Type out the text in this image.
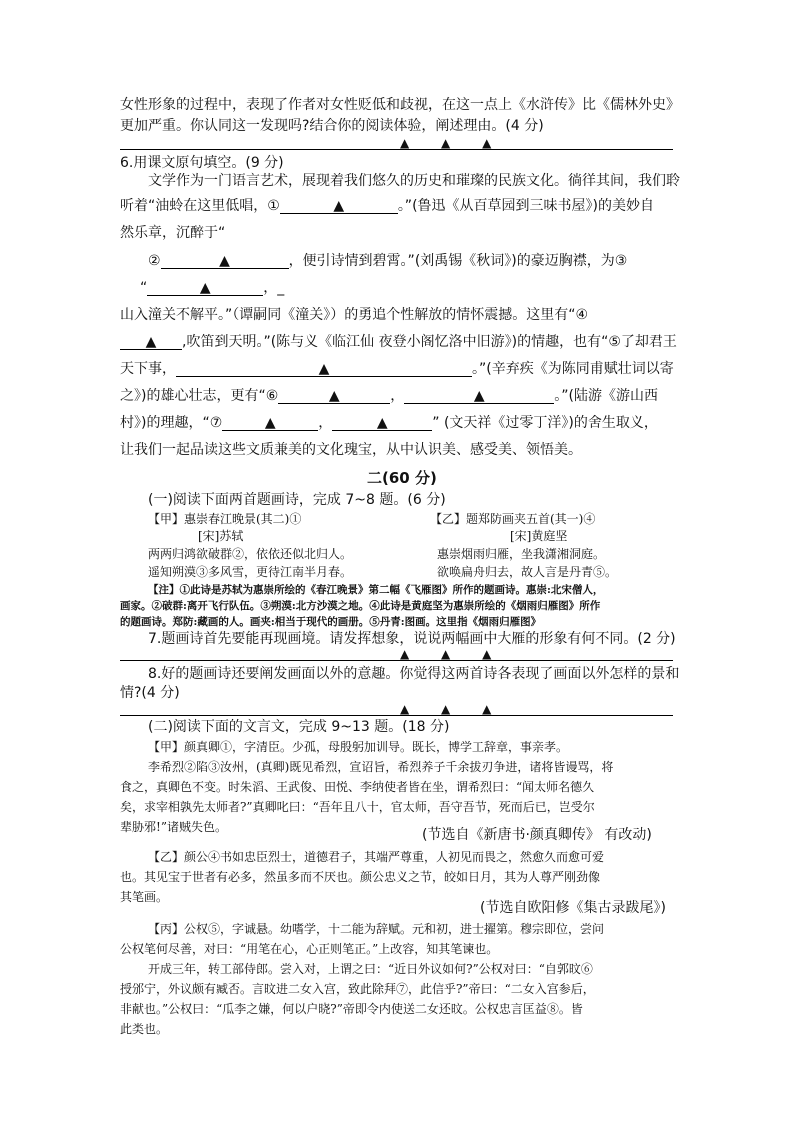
女性形象的过程中，表现了作者对女性贬低和歧视，在这一点上《水浒传》比《儒林外史》
更加严重。你认同这一发现吗?结合你的阅读体验，阐述理由。(4 分)
▲ ▲ ▲
6.用课文原句填空。(9 分)
文学作为一门语言艺术，展现着我们悠久的历史和璀璨的民族文化。徜徉其间，我们聆
听着“油蛉在这里低唱，①	▲	。”(鲁迅《从百草园到三味书屋》)的美妙自
然乐章，沉醉于“
②	▲	，便引诗情到碧霄。”(刘禹锡《秋词》)的豪迈胸襟，为③
“	▲	，_
山入潼关不解平。”（谭嗣同《潼关》）的勇追个性解放的情怀震撼。这里有“④
▲ ,吹笛到天明。”(陈与义《临江仙 夜登小阁忆洛中旧游》)的情趣，也有“⑤了却君王
天下事，	▲	。”(辛弃疾《为陈同甫赋壮词以寄
之》)的雄心壮志，更有“⑥	▲	，	▲	。”(陆游《游山西
村》)的理趣，“⑦	▲	，	▲	” (文天祥《过零丁洋》)的舍生取义，
让我们一起品读这些文质兼美的文化瑰宝，从中认识美、感受美、领悟美。
二(60 分)
(一)阅读下面两首题画诗，完成 7~8 题。(6 分)
【甲】惠崇春江晚景(其二)①
[宋]苏轼
两两归鸿欲破群②，依依还似北归人。
遥知朔漠③多风雪，更待江南半月春。
【乙】题郑防画夹五首(其一)④
[宋]黄庭坚
惠崇烟雨归雁，坐我潇湘洞庭。
欲唤扁舟归去，故人言是丹青⑤。
【注】①此诗是苏轼为惠崇所绘的《春江晚景》第二幅《飞雁图》所作的题画诗。惠崇:北宋僧人，
画家。②破群:离开飞行队伍。③朔漠:北方沙漠之地。④此诗是黄庭坚为惠崇所绘的《烟雨归雁图》所作
的题画诗。郑防:藏画的人。画夹:相当于现代的画册。⑤丹青:图画。这里指《烟雨归雁图》
7.题画诗首先要能再现画境。请发挥想象，说说两幅画中大雁的形象有何不同。(2 分)
▲ ▲ ▲
8.好的题画诗还要阐发画面以外的意趣。你觉得这两首诗各表现了画面以外怎样的景和
情?(4 分)
▲ ▲ ▲
(二)阅读下面的文言文，完成 9~13 题。(18 分)
【甲】颜真卿①，字清臣。少孤，母殷躬加训导。既长，博学工辞章，事亲孝。
李希烈②陷③汝州，(真卿)既见希烈，宣诏旨，希烈养子千余拔刃争进，诸将皆谩骂，将
食之，真卿色不变。时朱滔、王武俊、田悦、李纳使者皆在坐，谓希烈曰：“闻太师名德久
矣，求宰相孰先太师者?”真卿叱曰：“吾年且八十，官太师，吾守吾节，死而后已，岂受尔
辈胁邪!”诸贼失色。	(节选自《新唐书·颜真卿传》 有改动)
【乙】颜公④书如忠臣烈士，道德君子，其端严尊重，人初见而畏之，然愈久而愈可爱
也。其见宝于世者有必多，然虽多而不厌也。颜公忠义之节，皎如日月，其为人尊严刚劲像
其笔画。
(节选自欧阳修《集古录跋尾》)
【丙】公权⑤，字诚悬。幼嗜学，十二能为辞赋。元和初，进士擢第。穆宗即位，尝问
公权笔何尽善，对曰：“用笔在心，心正则笔正。”上改容，知其笔谏也。
开成三年，转工部侍郎。尝入对，上谓之曰：“近日外议如何?”公权对曰：“自郭旼⑥
授邠宁，外议颇有臧否。言旼进二女入宫，致此除拜⑦，此信乎?”帝曰：“二女入宫参后，
非献也。”公权曰：“瓜李之嫌，何以户晓?”帝即令内使送二女还旼。公权忠言匡益⑧。皆
此类也。
